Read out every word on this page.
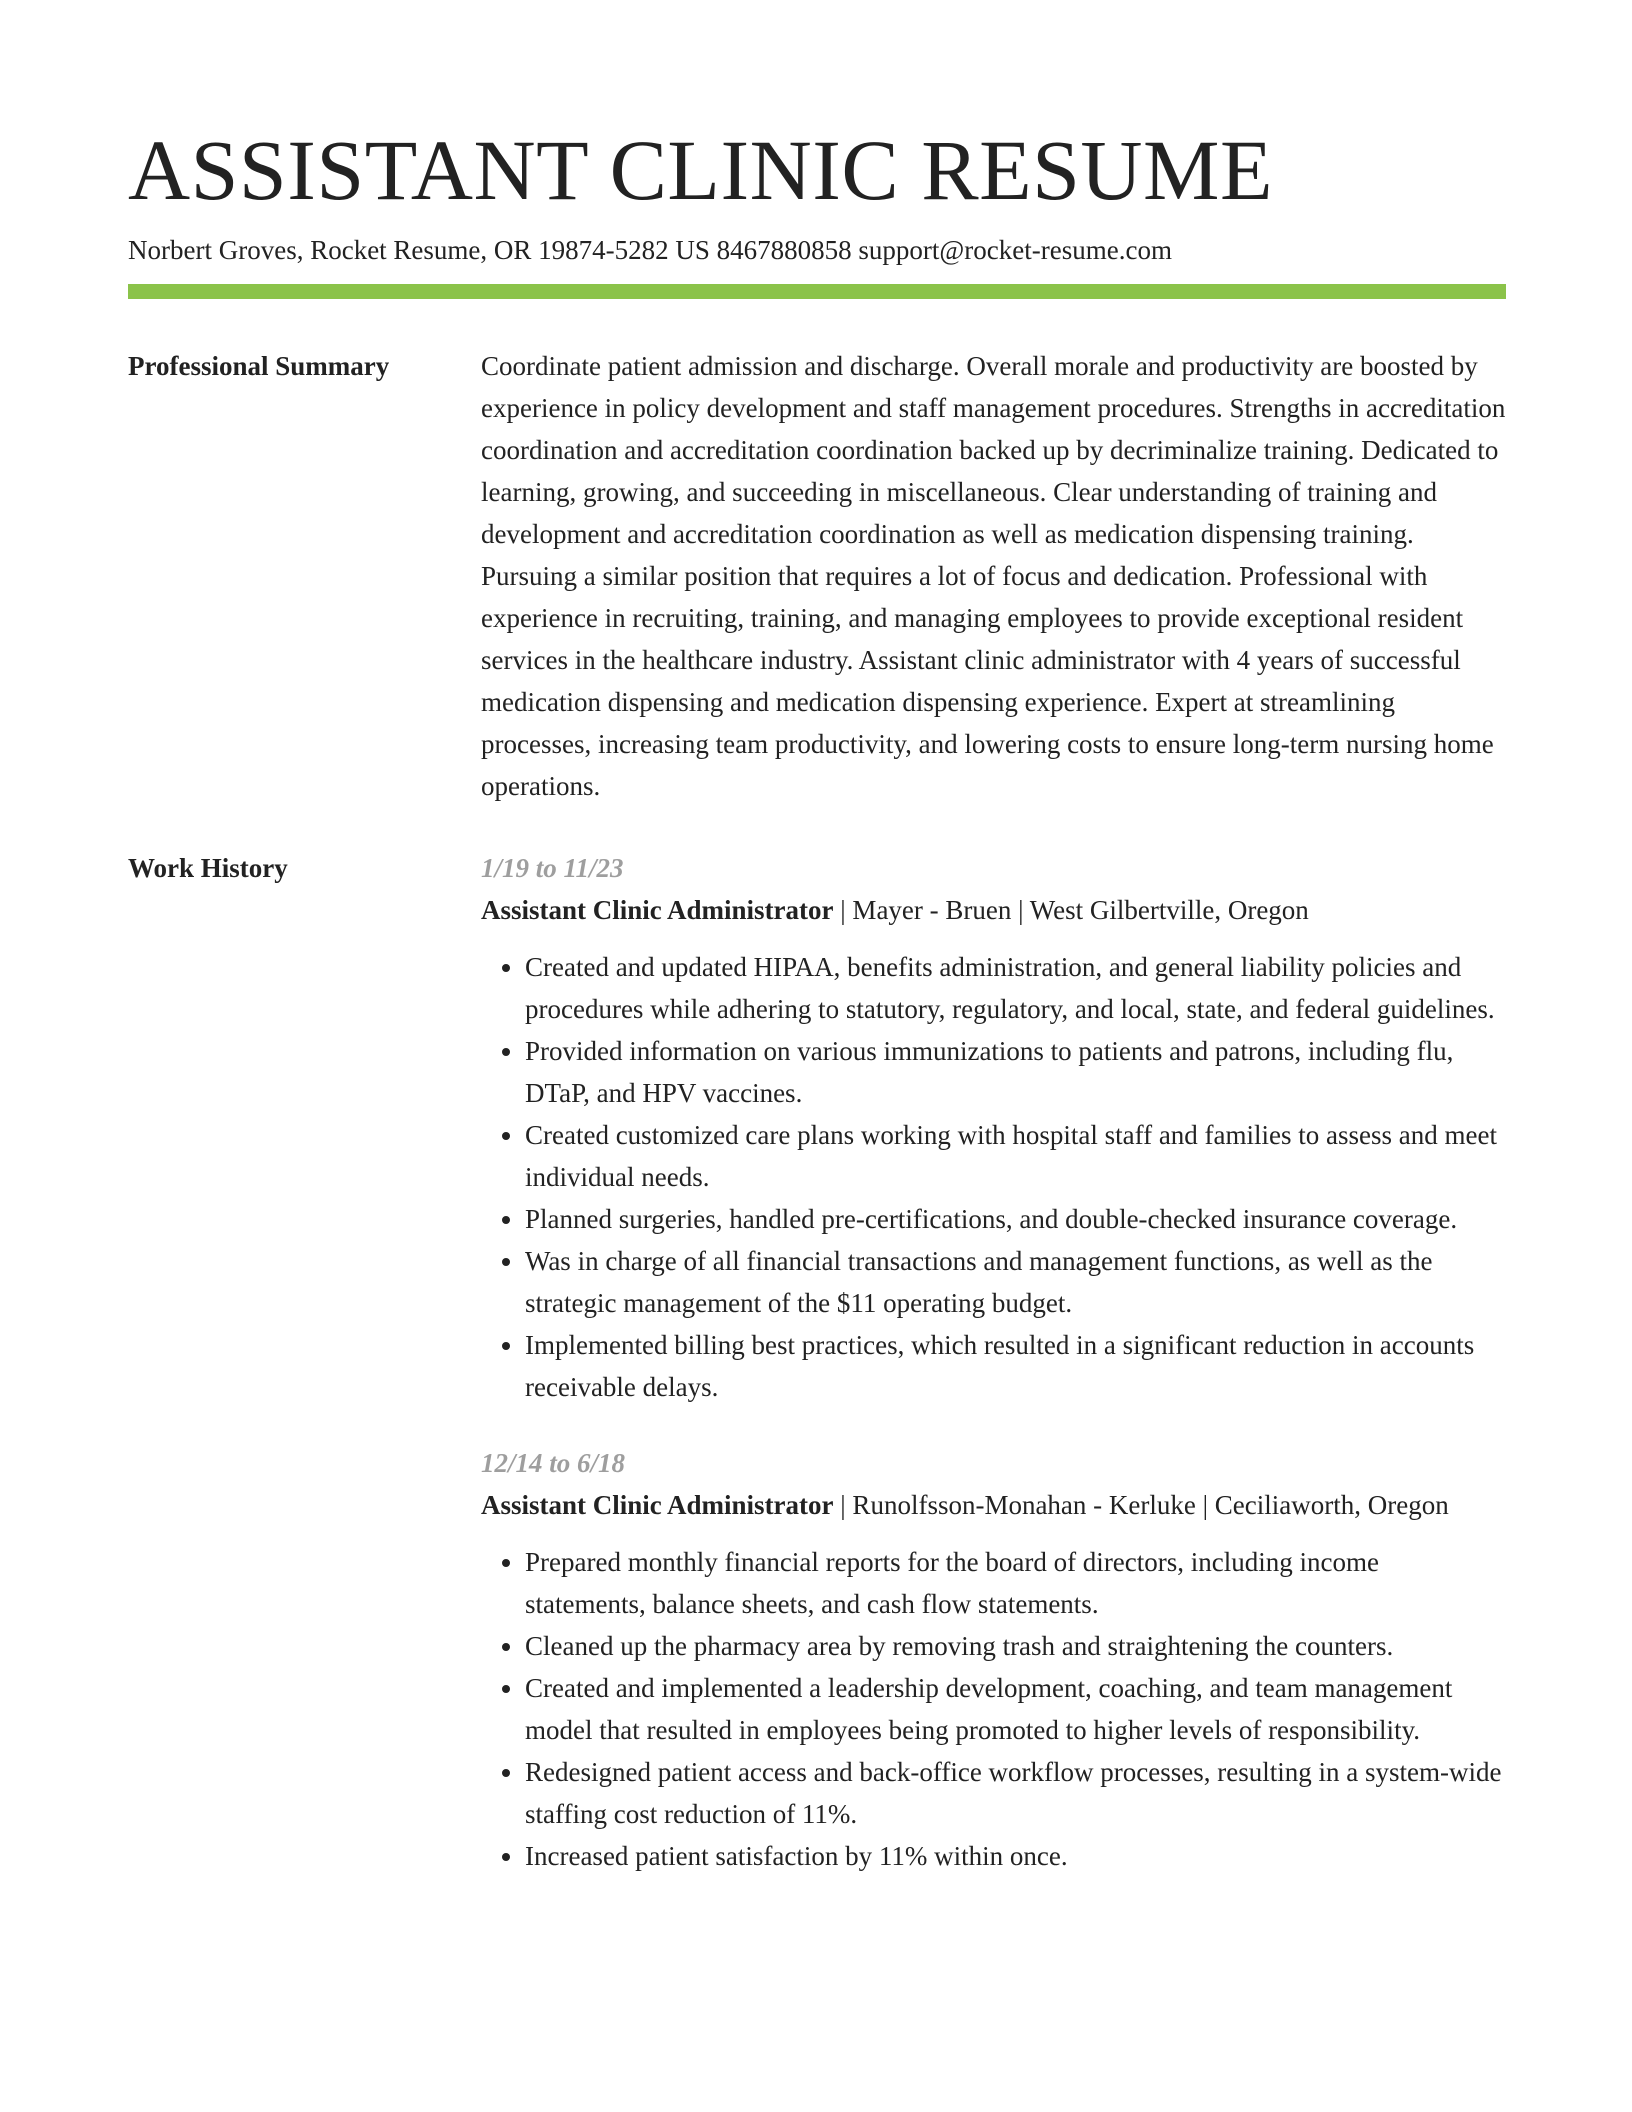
ASSISTANT CLINIC RESUME
Norbert Groves, Rocket Resume, OR 19874-5282 US 8467880858 support@rocket-resume.com
Professional Summary	Coordinate patient admission and discharge. Overall morale and productivity are boosted by experience in policy development and staff management procedures. Strengths in accreditation coordination and accreditation coordination backed up by decriminalize training. Dedicated to learning, growing, and succeeding in miscellaneous. Clear understanding of training and development and accreditation coordination as well as medication dispensing training. Pursuing a similar position that requires a lot of focus and dedication. Professional with experience in recruiting, training, and managing employees to provide exceptional resident services in the healthcare industry. Assistant clinic administrator with 4 years of successful medication dispensing and medication dispensing experience. Expert at streamlining processes, increasing team productivity, and lowering costs to ensure long-term nursing home operations.

Work History	1/19 to 11/23
Assistant Clinic Administrator | Mayer - Bruen | West Gilbertville, Oregon
• Created and updated HIPAA, benefits administration, and general liability policies and procedures while adhering to statutory, regulatory, and local, state, and federal guidelines.
• Provided information on various immunizations to patients and patrons, including flu, DTaP, and HPV vaccines.
• Created customized care plans working with hospital staff and families to assess and meet individual needs.
• Planned surgeries, handled pre-certifications, and double-checked insurance coverage.
• Was in charge of all financial transactions and management functions, as well as the strategic management of the $11 operating budget.
• Implemented billing best practices, which resulted in a significant reduction in accounts receivable delays.
12/14 to 6/18
Assistant Clinic Administrator | Runolfsson-Monahan - Kerluke | Ceciliaworth, Oregon
• Prepared monthly financial reports for the board of directors, including income statements, balance sheets, and cash flow statements.
• Cleaned up the pharmacy area by removing trash and straightening the counters.
• Created and implemented a leadership development, coaching, and team management model that resulted in employees being promoted to higher levels of responsibility.
• Redesigned patient access and back-office workflow processes, resulting in a system-wide staffing cost reduction of 11%.
• Increased patient satisfaction by 11% within once.
